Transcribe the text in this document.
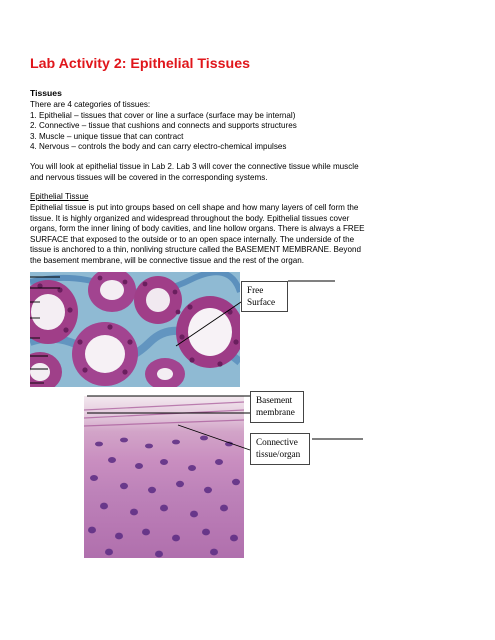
Lab Activity 2: Epithelial Tissues
Tissues
There are 4 categories of tissues:
1. Epithelial – tissues that cover or line a surface (surface may be internal)
2. Connective – tissue that cushions and connects and supports structures
3. Muscle – unique tissue that can contract
4. Nervous – controls the body and can carry electro-chemical impulses
You will look at epithelial tissue in Lab 2. Lab 3 will cover the connective tissue while muscle
and nervous tissues will be covered in the corresponding systems.
Epithelial Tissue
Epithelial tissue is put into groups based on cell shape and how many layers of cell form the
tissue. It is highly organized and widespread throughout the body. Epithelial tissues cover
organs, form the inner lining of body cavities, and line hollow organs. There is always a FREE
SURFACE that exposed to the outside or to an open space internally. The underside of the
tissue is anchored to a thin, nonliving structure called the BASEMENT MEMBRANE. Beyond
the basement membrane, will be connective tissue and the rest of the organ.
Free
Surface
Basement
membrane
Connective
tissue/organ
